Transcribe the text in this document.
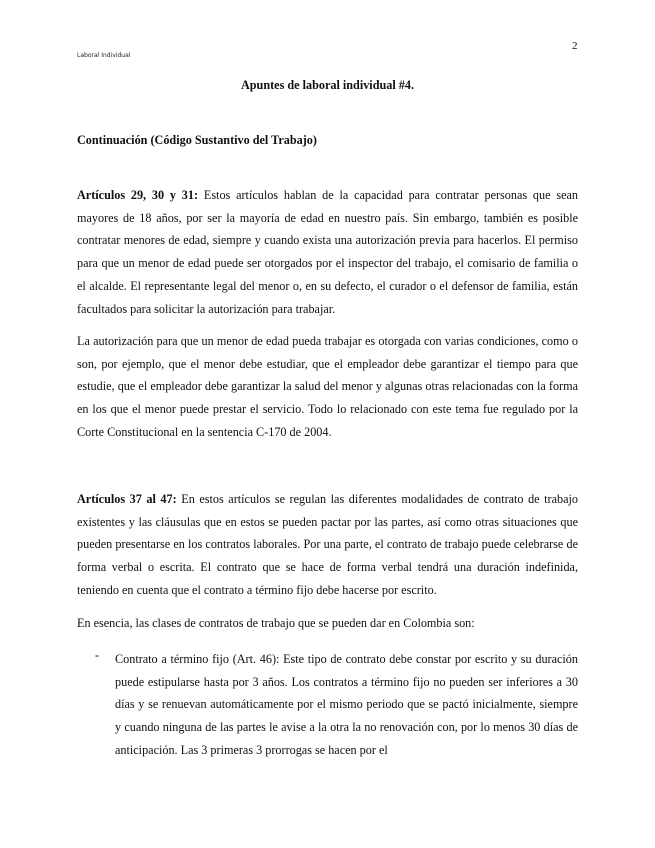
Laboral Individual
2
Apuntes de laboral individual #4.
Continuación (Código Sustantivo del Trabajo)
Artículos 29, 30 y 31: Estos artículos hablan de la capacidad para contratar personas que sean mayores de 18 años, por ser la mayoría de edad en nuestro país. Sin embargo, también es posible contratar menores de edad, siempre y cuando exista una autorización previa para hacerlos. El permiso para que un menor de edad puede ser otorgados por el inspector del trabajo, el comisario de familia o el alcalde. El representante legal del menor o, en su defecto, el curador o el defensor de familia, están facultados para solicitar la autorización para trabajar.
La autorización para que un menor de edad pueda trabajar es otorgada con varias condiciones, como o son, por ejemplo, que el menor debe estudiar, que el empleador debe garantizar el tiempo para que estudie, que el empleador debe garantizar la salud del menor y algunas otras relacionadas con la forma en los que el menor puede prestar el servicio. Todo lo relacionado con este tema fue regulado por la Corte Constitucional en la sentencia C-170 de 2004.
Artículos 37 al 47: En estos artículos se regulan las diferentes modalidades de contrato de trabajo existentes y las cláusulas que en estos se pueden pactar por las partes, así como otras situaciones que pueden presentarse en los contratos laborales. Por una parte, el contrato de trabajo puede celebrarse de forma verbal o escrita. El contrato que se hace de forma verbal tendrá una duración indefinida, teniendo en cuenta que el contrato a término fijo debe hacerse por escrito.
En esencia, las clases de contratos de trabajo que se pueden dar en Colombia son:
- Contrato a término fijo (Art. 46): Este tipo de contrato debe constar por escrito y su duración puede estipularse hasta por 3 años. Los contratos a término fijo no pueden ser inferiores a 30 días y se renuevan automáticamente por el mismo periodo que se pactó inicialmente, siempre y cuando ninguna de las partes le avise a la otra la no renovación con, por lo menos 30 días de anticipación. Las 3 primeras 3 prorrogas se hacen por el
